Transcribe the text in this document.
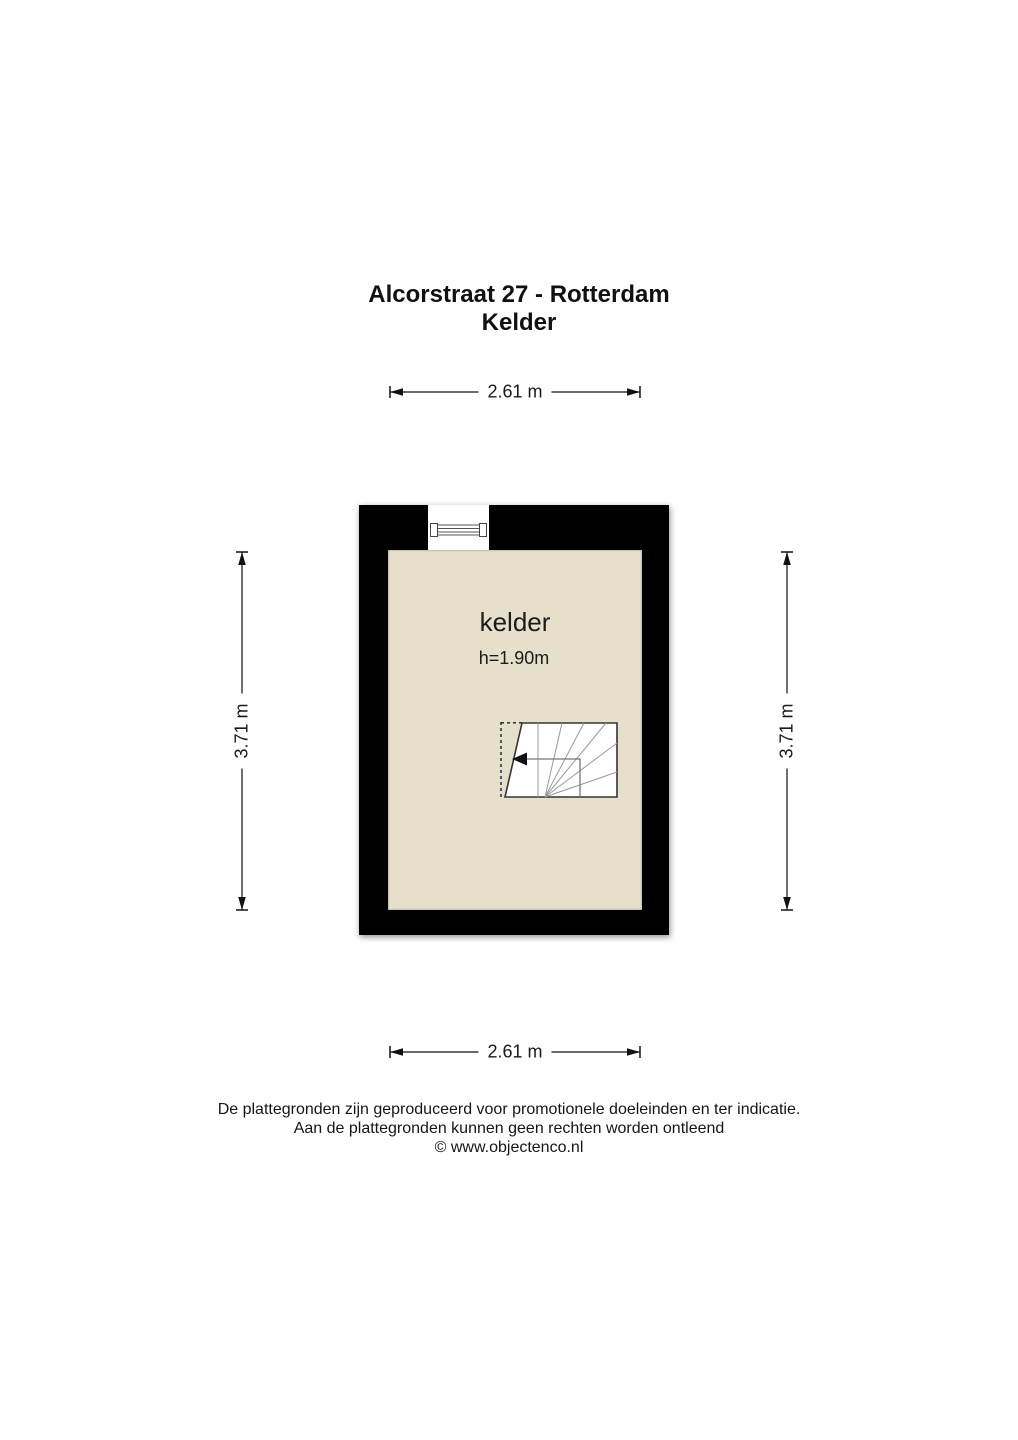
Alcorstraat 27 - Rotterdam
Kelder
2.61 m
3.71 m	3.71 m
kelder
h=1.90m
2.61 m
De plattegronden zijn geproduceerd voor promotionele doeleinden en ter indicatie.
Aan de plattegronden kunnen geen rechten worden ontleend
© www.objectenco.nl
